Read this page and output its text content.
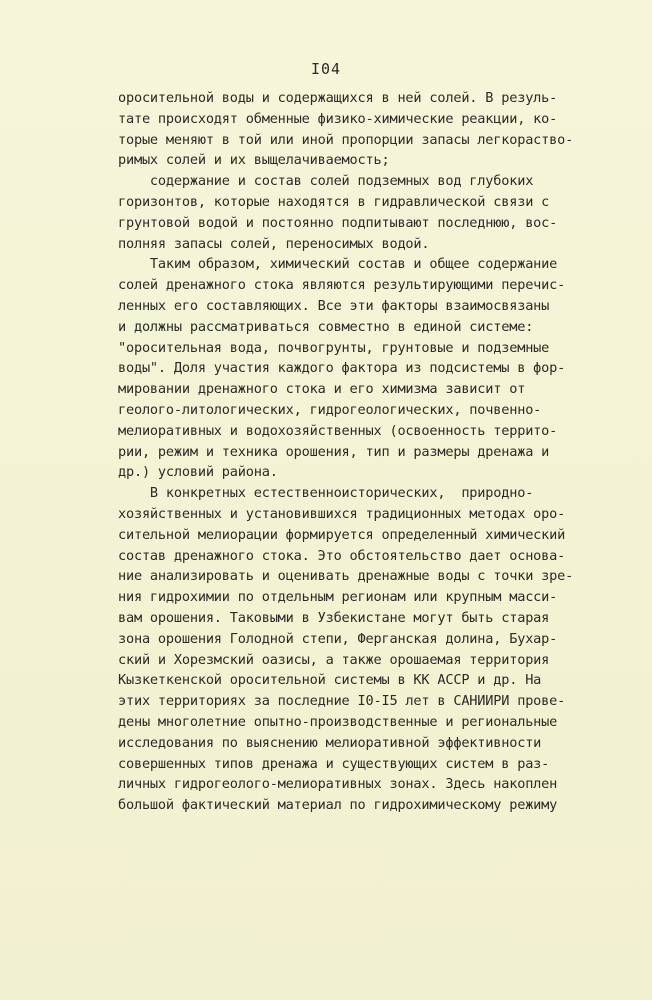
I04
оросительной воды и содержащихся в ней солей. В резуль-
тате происходят обменные физико-химические реакции, ко-
торые меняют в той или иной пропорции запасы легкораство-
римых солей и их выщелачиваемость;
содержание и состав солей подземных вод глубоких
горизонтов, которые находятся в гидравлической связи с
грунтовой водой и постоянно подпитывают последнюю, вос-
полняя запасы солей, переносимых водой.
Таким образом, химический состав и общее содержание
солей дренажного стока являются результирующими перечис-
ленных его составляющих. Все эти факторы взаимосвязаны
и должны рассматриваться совместно в единой системе:
"оросительная вода, почвогрунты, грунтовые и подземные
воды". Доля участия каждого фактора из подсистемы в фор-
мировании дренажного стока и его химизма зависит от
геолого-литологических, гидрогеологических, почвенно-
мелиоративных и водохозяйственных (освоенность террито-
рии, режим и техника орошения, тип и размеры дренажа и
др.) условий района.
В конкретных естественноисторических,  природно-
хозяйственных и установившихся традиционных методах оро-
сительной мелиорации формируется определенный химический
состав дренажного стока. Это обстоятельство дает основа-
ние анализировать и оценивать дренажные воды с точки зре-
ния гидрохимии по отдельным регионам или крупным масси-
вам орошения. Таковыми в Узбекистане могут быть старая
зона орошения Голодной степи, Ферганская долина, Бухар-
ский и Хорезмский оазисы, а также орошаемая территория
Кызкеткенской оросительной системы в КК АССР и др. На
этих территориях за последние I0-I5 лет в САНИИРИ прове-
дены многолетние опытно-производственные и региональные
исследования по выяснению мелиоративной эффективности
совершенных типов дренажа и существующих систем в раз-
личных гидрогеолого-мелиоративных зонах. Здесь накоплен
большой фактический материал по гидрохимическому режиму
